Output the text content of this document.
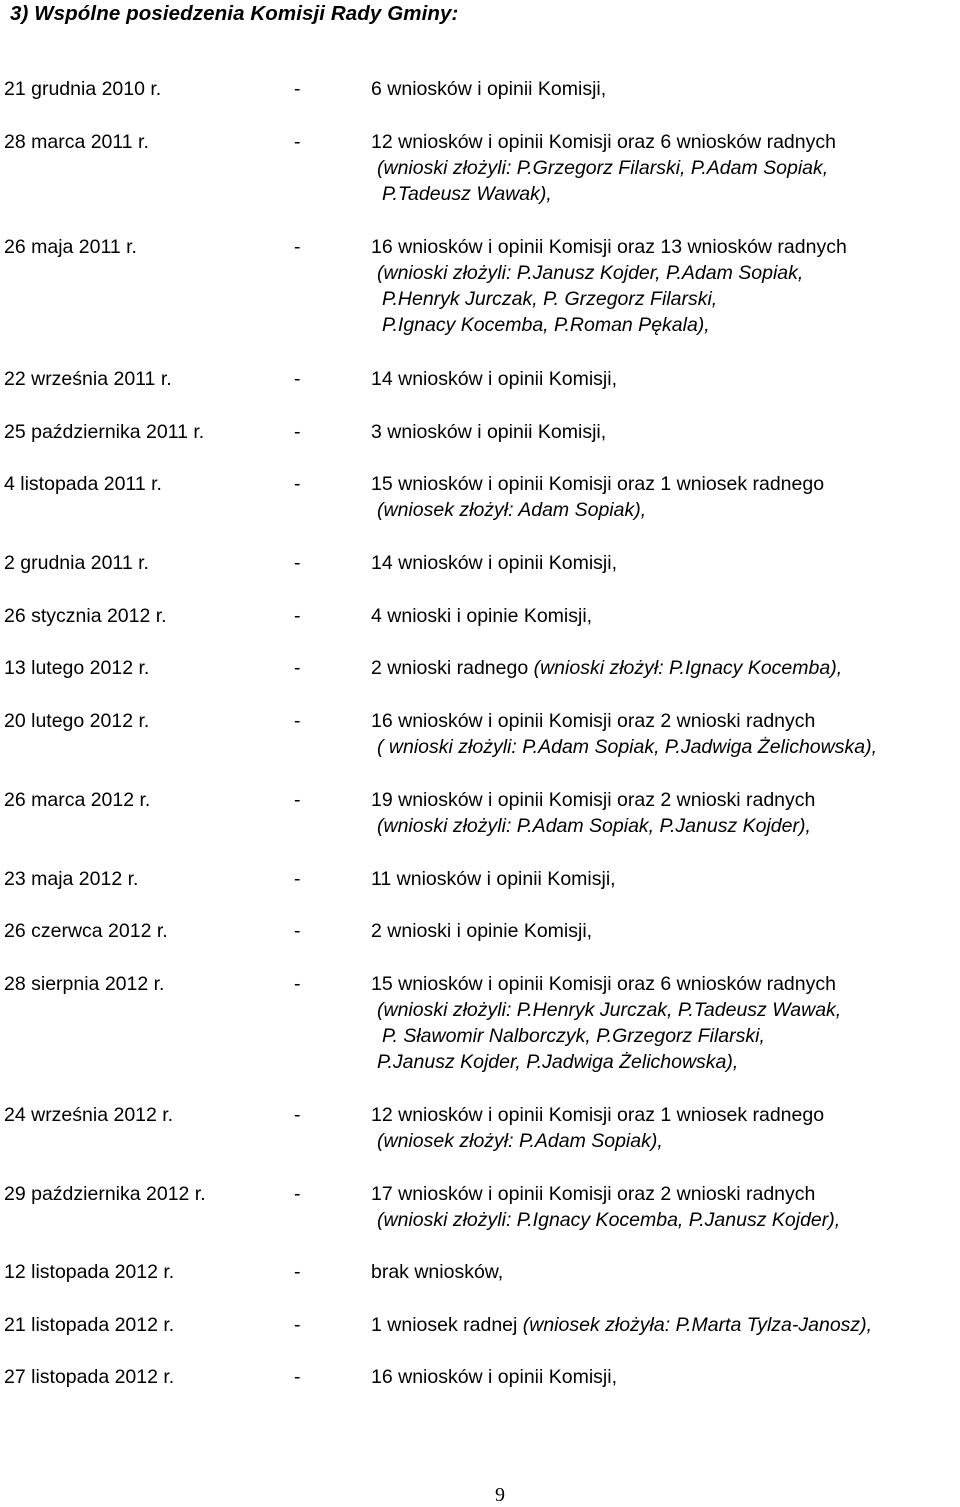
3) Wspólne posiedzenia Komisji Rady Gminy:
21 grudnia 2010 r.	-	6 wniosków i opinii Komisji,
28 marca 2011 r.	-	12 wniosków i opinii Komisji oraz 6 wniosków radnych
(wnioski złożyli: P.Grzegorz Filarski, P.Adam Sopiak,
P.Tadeusz Wawak),
26 maja 2011 r.	-	16 wniosków i opinii Komisji oraz 13 wniosków radnych
(wnioski złożyli: P.Janusz Kojder, P.Adam Sopiak,
P.Henryk Jurczak, P. Grzegorz Filarski,
P.Ignacy Kocemba, P.Roman Pękala),
22 września 2011 r.	-	14 wniosków i opinii Komisji,
25 października 2011 r.	-	3 wniosków i opinii Komisji,
4 listopada 2011 r.	-	15 wniosków i opinii Komisji oraz 1 wniosek radnego
(wniosek złożył: Adam Sopiak),
2 grudnia 2011 r.	-	14 wniosków i opinii Komisji,
26 stycznia 2012 r.	-	4 wnioski i opinie Komisji,
13 lutego 2012 r.	-	2 wnioski radnego (wnioski złożył: P.Ignacy Kocemba),
20 lutego 2012 r.	-	16 wniosków i opinii Komisji oraz 2 wnioski radnych
( wnioski złożyli: P.Adam Sopiak, P.Jadwiga Żelichowska),
26 marca 2012 r.	-	19 wniosków i opinii Komisji oraz 2 wnioski radnych
(wnioski złożyli: P.Adam Sopiak, P.Janusz Kojder),
23 maja 2012 r.	-	11 wniosków i opinii Komisji,
26 czerwca 2012 r.	-	2 wnioski i opinie Komisji,
28 sierpnia 2012 r.	-	15 wniosków i opinii Komisji oraz 6 wniosków radnych
(wnioski złożyli: P.Henryk Jurczak, P.Tadeusz Wawak,
P. Sławomir Nalborczyk, P.Grzegorz Filarski,
P.Janusz Kojder, P.Jadwiga Żelichowska),
24 września 2012 r.	-	12 wniosków i opinii Komisji oraz 1 wniosek radnego
(wniosek złożył: P.Adam Sopiak),
29 października 2012 r.	-	17 wniosków i opinii Komisji oraz 2 wnioski radnych
(wnioski złożyli: P.Ignacy Kocemba, P.Janusz Kojder),
12 listopada 2012 r.	-	brak wniosków,
21 listopada 2012 r.	-	1 wniosek radnej (wniosek złożyła: P.Marta Tylza-Janosz),
27 listopada 2012 r.	-	16 wniosków i opinii Komisji,
9
